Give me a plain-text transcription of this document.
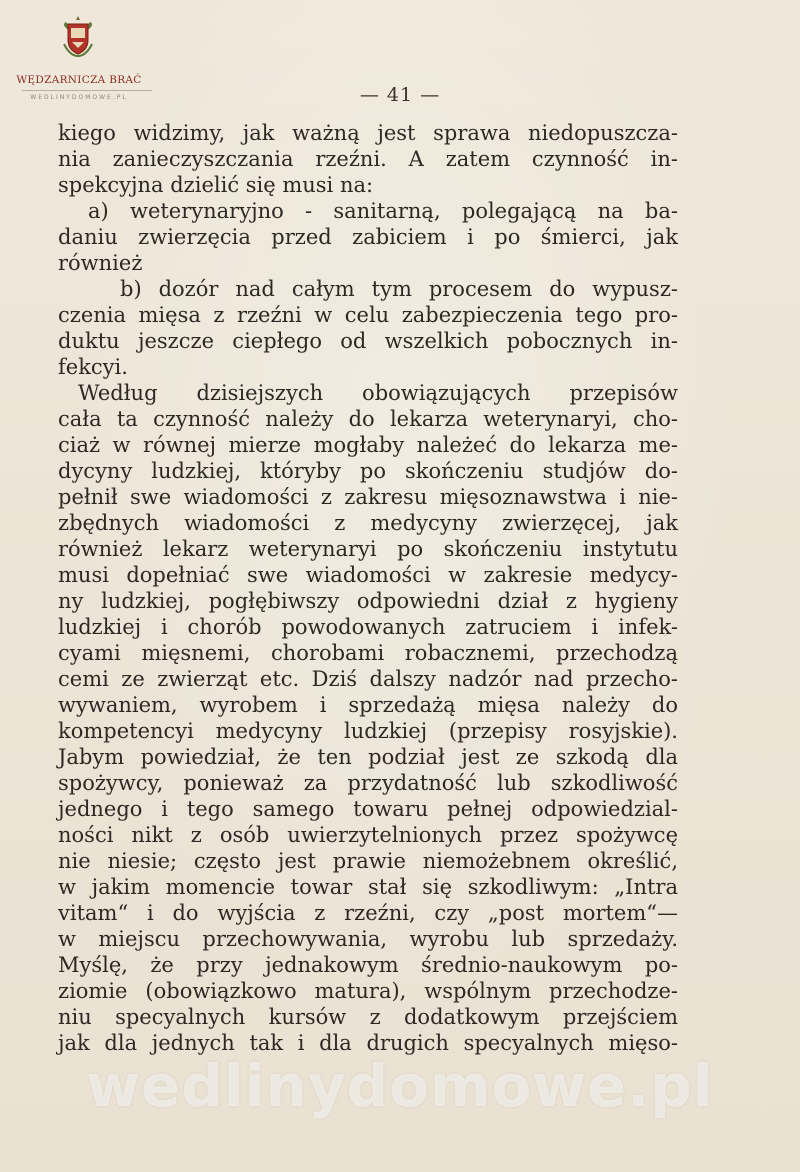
WĘDZARNICZA BRAĆ
WEDLINYDOMOWE.PL	— 41 —
kiego widzimy, jak ważną jest sprawa niedopuszcza-
nia zanieczyszczania rzeźni. A zatem czynność in-
spekcyjna dzielić się musi na:
a) weterynaryjno - sanitarną, polegającą na ba-
daniu zwierzęcia przed zabiciem i po śmierci, jak
również
b) dozór nad całym tym procesem do wypusz-
czenia mięsa z rzeźni w celu zabezpieczenia tego pro-
duktu jeszcze ciepłego od wszelkich pobocznych in-
fekcyi.
Według dzisiejszych obowiązujących przepisów
cała ta czynność należy do lekarza weterynaryi, cho-
ciaż w równej mierze mogłaby należeć do lekarza me-
dycyny ludzkiej, któryby po skończeniu studjów do-
pełnił swe wiadomości z zakresu mięsoznawstwa i nie-
zbędnych wiadomości z medycyny zwierzęcej, jak
również lekarz weterynaryi po skończeniu instytutu
musi dopełniać swe wiadomości w zakresie medycy-
ny ludzkiej, pogłębiwszy odpowiedni dział z hygieny
ludzkiej i chorób powodowanych zatruciem i infek-
cyami mięsnemi, chorobami robacznemi, przechodzą
cemi ze zwierząt etc. Dziś dalszy nadzór nad przecho-
wywaniem, wyrobem i sprzedażą mięsa należy do
kompetencyi medycyny ludzkiej (przepisy rosyjskie).
Jabym powiedział, że ten podział jest ze szkodą dla
spożywcy, ponieważ za przydatność lub szkodliwość
jednego i tego samego towaru pełnej odpowiedzial-
ności nikt z osób uwierzytelnionych przez spożywcę
nie niesie; często jest prawie niemożebnem określić,
w jakim momencie towar stał się szkodliwym: „Intra
vitam“ i do wyjścia z rzeźni, czy „post mortem“—
w miejscu przechowywania, wyrobu lub sprzedaży.
Myślę, że przy jednakowym średnio-naukowym po-
ziomie (obowiązkowo matura), wspólnym przechodze-
niu specyalnych kursów z dodatkowym przejściem
jak dla jednych tak i dla drugich specyalnych mięso-
wedlinydomowe.pl
